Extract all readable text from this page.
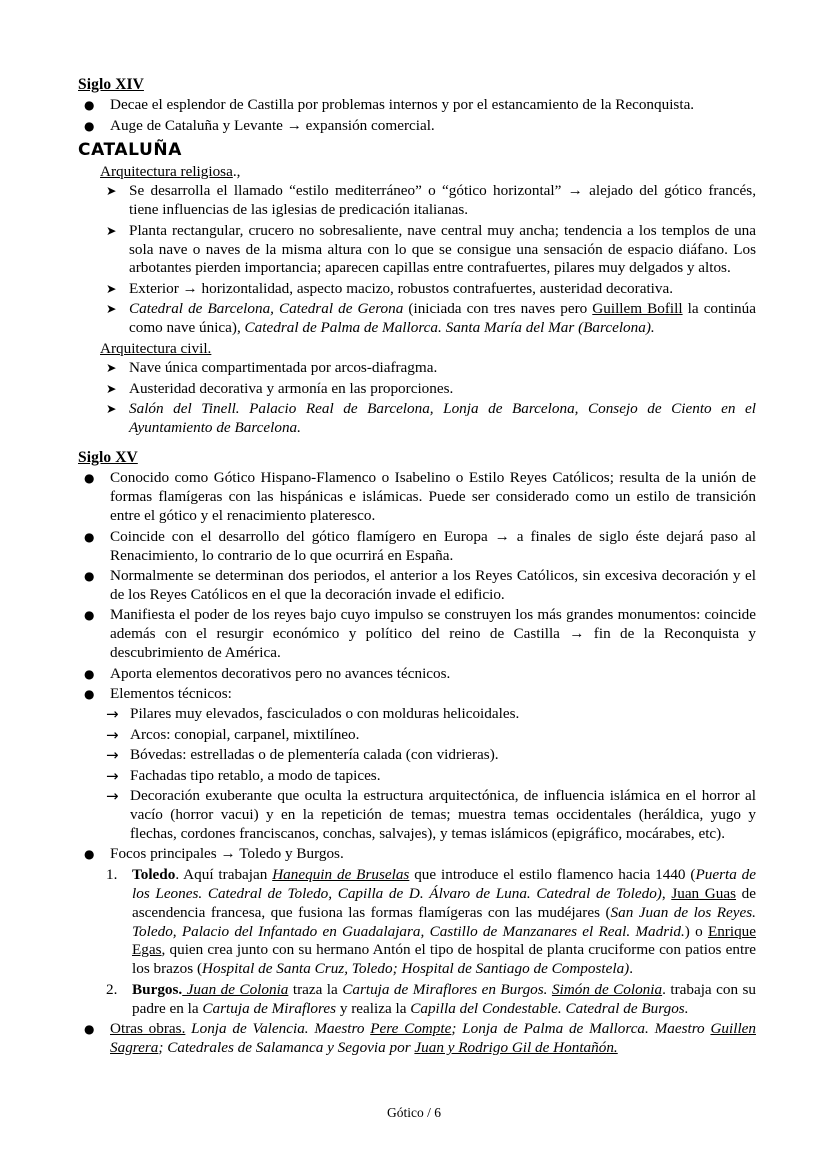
Siglo XIV
●	Decae el esplendor de Castilla por problemas internos y por el estancamiento de la Reconquista.
●	Auge de Cataluña y Levante → expansión comercial.
CATALUÑA
Arquitectura religiosa.,
➤ Se desarrolla el llamado “estilo mediterráneo” o “gótico horizontal” → alejado del gótico francés, tiene influencias de las iglesias de predicación italianas.
➤ Planta rectangular, crucero no sobresaliente, nave central muy ancha; tendencia a los templos de una sola nave o naves de la misma altura con lo que se consigue una sensación de espacio diáfano. Los arbotantes pierden importancia; aparecen capillas entre contrafuertes, pilares muy delgados y altos.
➤ Exterior → horizontalidad, aspecto macizo, robustos contrafuertes, austeridad decorativa.
➤ Catedral de Barcelona, Catedral de Gerona (iniciada con tres naves pero Guillem Bofill la continúa como nave única), Catedral de Palma de Mallorca. Santa María del Mar (Barcelona).
Arquitectura civil.
➤ Nave única compartimentada por arcos-diafragma.
➤ Austeridad decorativa y armonía en las proporciones.
➤ Salón del Tinell. Palacio Real de Barcelona, Lonja de Barcelona, Consejo de Ciento en el Ayuntamiento de Barcelona.
Siglo XV
●	Conocido como Gótico Hispano-Flamenco o Isabelino o Estilo Reyes Católicos; resulta de la unión de formas flamígeras con las hispánicas e islámicas. Puede ser considerado como un estilo de transición entre el gótico y el renacimiento plateresco.
●	Coincide con el desarrollo del gótico flamígero en Europa → a finales de siglo éste dejará paso al Renacimiento, lo contrario de lo que ocurrirá en España.
●	Normalmente se determinan dos periodos, el anterior a los Reyes Católicos, sin excesiva decoración y el de los Reyes Católicos en el que la decoración invade el edificio.
●	Manifiesta el poder de los reyes bajo cuyo impulso se construyen los más grandes monumentos: coincide además con el resurgir económico y político del reino de Castilla → fin de la Reconquista y descubrimiento de América.
●	Aporta elementos decorativos pero no avances técnicos.
●	Elementos técnicos:
→ Pilares muy elevados, fasciculados o con molduras helicoidales.
→ Arcos: conopial, carpanel, mixtilíneo.
→ Bóvedas: estrelladas o de plementería calada (con vidrieras).
→ Fachadas tipo retablo, a modo de tapices.
→ Decoración exuberante que oculta la estructura arquitectónica, de influencia islámica en el horror al vacío (horror vacui) y en la repetición de temas; muestra temas occidentales (heráldica, yugo y flechas, cordones franciscanos, conchas, salvajes), y temas islámicos (epigráfico, mocárabes, etc).
●	Focos principales → Toledo y Burgos.
1. Toledo. Aquí trabajan Hanequin de Bruselas que introduce el estilo flamenco hacia 1440 (Puerta de los Leones. Catedral de Toledo, Capilla de D. Álvaro de Luna. Catedral de Toledo), Juan Guas de ascendencia francesa, que fusiona las formas flamígeras con las mudéjares (San Juan de los Reyes. Toledo, Palacio del Infantado en Guadalajara, Castillo de Manzanares el Real. Madrid.) o Enrique Egas, quien crea junto con su hermano Antón el tipo de hospital de planta cruciforme con patios entre los brazos (Hospital de Santa Cruz, Toledo; Hospital de Santiago de Compostela).
2. Burgos. Juan de Colonia traza la Cartuja de Miraflores en Burgos. Simón de Colonia. trabaja con su padre en la Cartuja de Miraflores y realiza la Capilla del Condestable. Catedral de Burgos.
●	Otras obras. Lonja de Valencia. Maestro Pere Compte; Lonja de Palma de Mallorca. Maestro Guillen Sagrera; Catedrales de Salamanca y Segovia por Juan y Rodrigo Gil de Hontañón.
Gótico / 6
